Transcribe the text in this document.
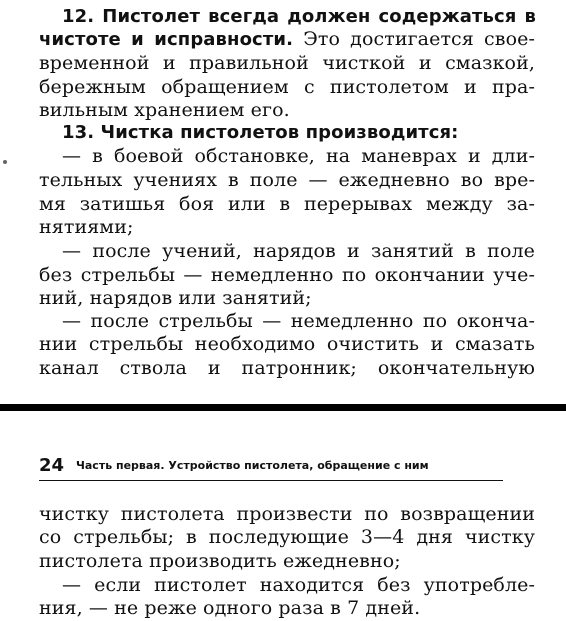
12. Пистолет всегда должен содержаться в
чистоте и исправности. Это достигается свое-
временной и правильной чисткой и смазкой,
бережным обращением с пистолетом и пра-
вильным хранением его.
13. Чистка пистолетов производится:
— в боевой обстановке, на маневрах и дли-
тельных учениях в поле — ежедневно во вре-
мя затишья боя или в перерывах между за-
нятиями;
— после учений, нарядов и занятий в поле
без стрельбы — немедленно по окончании уче-
ний, нарядов или занятий;
— после стрельбы — немедленно по оконча-
нии стрельбы необходимо очистить и смазать
канал ствола и патронник; окончательную
24 Часть первая. Устройство пистолета, обращение с ним
чистку пистолета произвести по возвращении
со стрельбы; в последующие 3—4 дня чистку
пистолета производить ежедневно;
— если пистолет находится без употребле-
ния, — не реже одного раза в 7 дней.
